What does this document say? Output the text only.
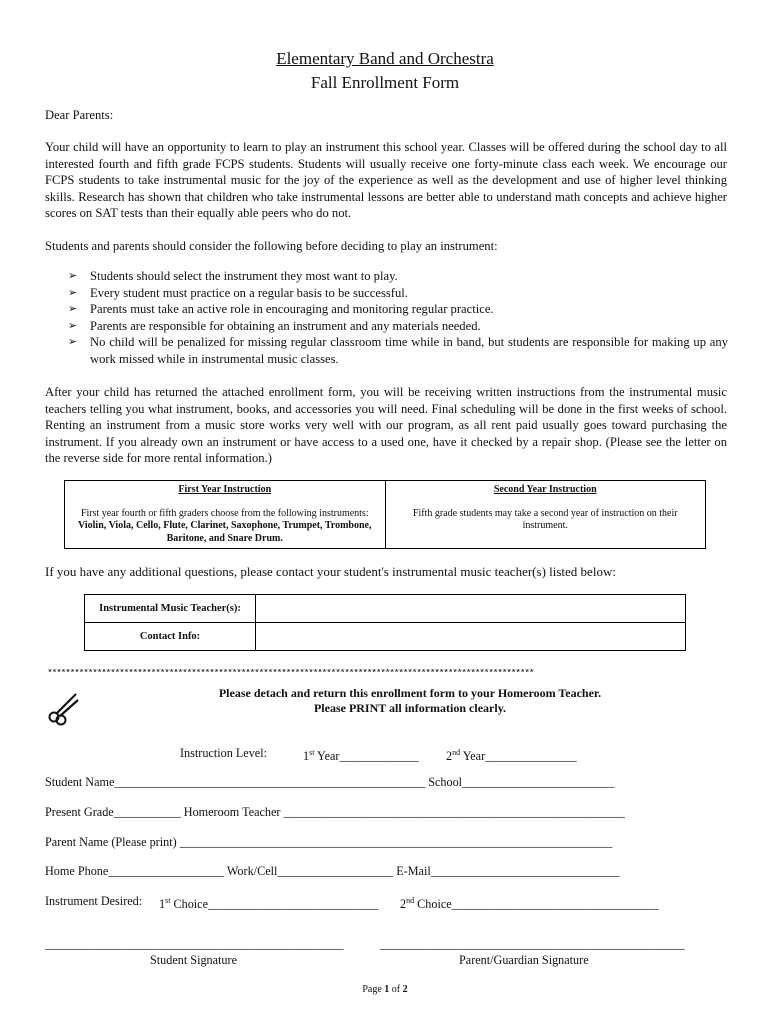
Elementary Band and Orchestra
Fall Enrollment Form
Dear Parents:
Your child will have an opportunity to learn to play an instrument this school year. Classes will be offered during the school day to all interested fourth and fifth grade FCPS students. Students will usually receive one forty-minute class each week. We encourage our FCPS students to take instrumental music for the joy of the experience as well as the development and use of higher level thinking skills. Research has shown that children who take instrumental lessons are better able to understand math concepts and achieve higher scores on SAT tests than their equally able peers who do not.
Students and parents should consider the following before deciding to play an instrument:
➢ Students should select the instrument they most want to play.
➢ Every student must practice on a regular basis to be successful.
➢ Parents must take an active role in encouraging and monitoring regular practice.
➢ Parents are responsible for obtaining an instrument and any materials needed.
➢ No child will be penalized for missing regular classroom time while in band, but students are responsible for making up any work missed while in instrumental music classes.
After your child has returned the attached enrollment form, you will be receiving written instructions from the instrumental music teachers telling you what instrument, books, and accessories you will need. Final scheduling will be done in the first weeks of school. Renting an instrument from a music store works very well with our program, as all rent paid usually goes toward purchasing the instrument. If you already own an instrument or have access to a used one, have it checked by a repair shop. (Please see the letter on the reverse side for more rental information.)
First Year Instruction
First year fourth or fifth graders choose from the following instruments:
Violin, Viola, Cello, Flute, Clarinet, Saxophone, Trumpet, Trombone, Baritone, and Snare Drum.

Second Year Instruction
Fifth grade students may take a second year of instruction on their instrument.
If you have any additional questions, please contact your student's instrumental music teacher(s) listed below:
Instrumental Music Teacher(s):	
Contact Info:	
************************************************************************************************************
Please detach and return this enrollment form to your Homeroom Teacher.
Please PRINT all information clearly.
Instruction Level:	1st Year_____________ 2nd Year_______________
Student Name___________________________________________________ School_________________________
Present Grade___________ Homeroom Teacher ________________________________________________________
Parent Name (Please print) _______________________________________________________________________
Home Phone___________________ Work/Cell___________________ E-Mail_______________________________
Instrument Desired: 1st Choice____________________________ 2nd Choice__________________________________
_________________________________________________
Student Signature
__________________________________________________
Parent/Guardian Signature
Page 1 of 2
